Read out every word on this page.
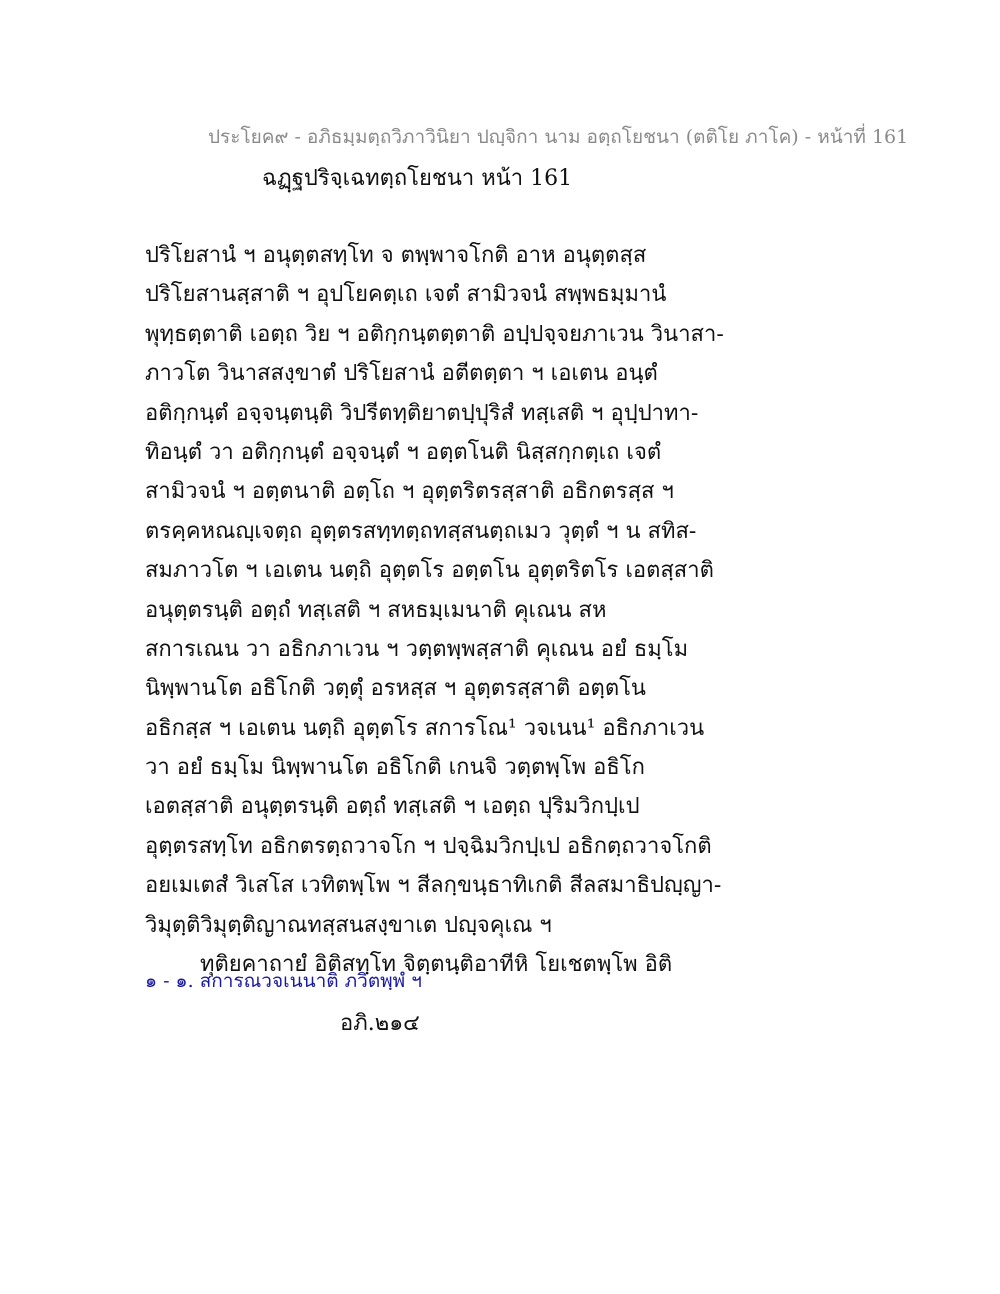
ประโยค๙ - อภิธมฺมตฺถวิภาวินิยา ปญฺจิกา นาม อตฺถโยชนา (ตติโย ภาโค) - หน้าที่ 161
ฉฏฺฐปริจฺเฉทตฺถโยชนา หน้า 161
ปริโยสานํ ฯ อนุตฺตสทฺโท จ ตพฺพาจโกติ อาห อนุตฺตสฺส
ปริโยสานสฺสาติ ฯ อุปโยคตฺเถ เจตํ สามิวจนํ สพฺพธมฺมานํ
พุทฺธตฺตาติ เอตฺถ วิย ฯ อติกฺกนฺตตฺตาติ อปฺปจฺจยภาเวน วินาสา-
ภาวโต วินาสสงฺขาตํ ปริโยสานํ อตีตตฺตา ฯ เอเตน อนฺตํ
อติกฺกนฺตํ อจฺจนฺตนฺติ วิปรีตทฺติยาตปฺปุริสํ ทสฺเสติ ฯ อุปฺปาทา-
ทิอนฺตํ วา อติกฺกนฺตํ อจฺจนฺตํ ฯ อตฺตโนติ นิสฺสกฺกตฺเถ เจตํ
สามิวจนํ ฯ อตฺตนาติ อตฺโถ ฯ อุตฺตริตรสฺสาติ อธิกตรสฺส ฯ
ตรคฺคหณญฺเจตฺถ อุตฺตรสทฺทตฺถทสฺสนตฺถเมว วุตฺตํ ฯ น สทิส-
สมภาวโต ฯ เอเตน นตฺถิ อุตฺตโร อตฺตโน อุตฺตริตโร เอตสฺสาติ
อนุตฺตรนฺติ อตฺถํ ทสฺเสติ ฯ สหธมฺเมนาติ คุเณน สห
สการเณน วา อธิกภาเวน ฯ วตฺตพฺพสฺสาติ คุเณน อยํ ธมฺโม
นิพฺพานโต อธิโกติ วตฺตุํ อรหสฺส ฯ อุตฺตรสฺสาติ อตฺตโน
อธิกสฺส ฯ เอเตน นตฺถิ อุตฺตโร สการโณ¹ วจเนน¹ อธิกภาเวน
วา อยํ ธมฺโม นิพฺพานโต อธิโกติ เกนจิ วตฺตพฺโพ อธิโก
เอตสฺสาติ อนุตฺตรนฺติ อตฺถํ ทสฺเสติ ฯ เอตฺถ ปุริมวิกปฺเป
อุตฺตรสทฺโท อธิกตรตฺถวาจโก ฯ ปจฺฉิมวิกปฺเป อธิกตฺถวาจโกติ
อยเมเตสํ วิเสโส เวทิตพฺโพ ฯ สีลกฺขนฺธาทิเกติ สีลสมาธิปญฺญา-
วิมุตฺติวิมุตฺติญาณทสฺสนสงฺขาเต ปญฺจคุเณ ฯ
ทุติยคาถายํ อิติสทฺโท จิตฺตนฺติอาทีหิ โยเชตพฺโพ อิติ
๑ - ๑. สการณวจเนนาติ ภวิตพฺพํ ฯ
อภิ.๒๑๔
